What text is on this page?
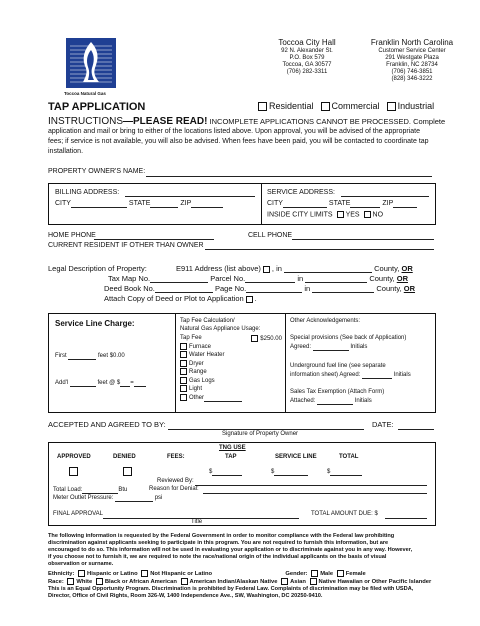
Toccoa Natural Gas
Toccoa City Hall
92 N. Alexander St.
P.O. Box 579
Toccoa, GA 30577
(706) 282-3311
Franklin North Carolina
Customer Service Center
291 Westgate Plaza
Franklin, NC 28734
(706) 746-3851
(828) 346-3222
TAP APPLICATION	Residential Commercial Industrial
INSTRUCTIONS—PLEASE READ! INCOMPLETE APPLICATIONS CANNOT BE PROCESSED. Complete
application and mail or bring to either of the locations listed above. Upon approval, you will be advised of the appropriate
fees; if service is not available, you will also be advised. When fees have been paid, you will be contacted to coordinate tap
installation.
PROPERTY OWNER'S NAME:
BILLING ADDRESS:
CITY	STATE	ZIP
SERVICE ADDRESS:
CITY	STATE	ZIP
INSIDE CITY LIMITS YES NO
HOME PHONE	CELL PHONE
CURRENT RESIDENT IF OTHER THAN OWNER
Legal Description of Property:	E911 Address (list above) , in	County, OR
Tax Map No.	Parcel No.	in	County, OR
Deed Book No.	Page No.	in	County, OR
Attach Copy of Deed or Plot to Application .
Service Line Charge:
First	feet $0.00
Add'l	feet @ $ =
Tap Fee Calculation/
Natural Gas Appliance Usage:
Tap Fee	$250.00
Furnace
Water Heater
Dryer
Range
Gas Logs
Light
Other
Other Acknowledgements:
Special provisions (See back of Application)
Agreed:	Initials
Underground fuel line (see separate
information sheet) Agreed:	Initials
Sales Tax Exemption (Attach Form)
Attached:	Initials
ACCEPTED AND AGREED TO BY:
Signature of Property Owner
DATE:
TNG USE
APPROVED	DENIED	FEES:	TAP	SERVICE LINE	TOTAL
$	$	$
Reviewed By:
Total Load:	Btu	Reason for Denial:
Meter Outlet Pressure:	psi
FINAL APPROVAL
Title
TOTAL AMOUNT DUE: $
The following information is requested by the Federal Government in order to monitor compliance with the Federal law prohibiting
discrimination against applicants seeking to participate in this program. You are not required to furnish this information, but are
encouraged to do so. This information will not be used in evaluating your application or to discriminate against you in any way. However,
if you choose not to furnish it, we are required to note the race/national origin of the individual applicants on the basis of visual
observation or surname.
Ethnicity: Hispanic or Latino Not Hispanic or Latino	Gender: Male Female
Race: White Black or African American American Indian/Alaskan Native Asian Native Hawaiian or Other Pacific Islander
This is an Equal Opportunity Program. Discrimination is prohibited by Federal Law. Complaints of discrimination may be filed with USDA,
Director, Office of Civil Rights, Room 326-W, 1400 Independence Ave., SW, Washington, DC 20250-9410.
